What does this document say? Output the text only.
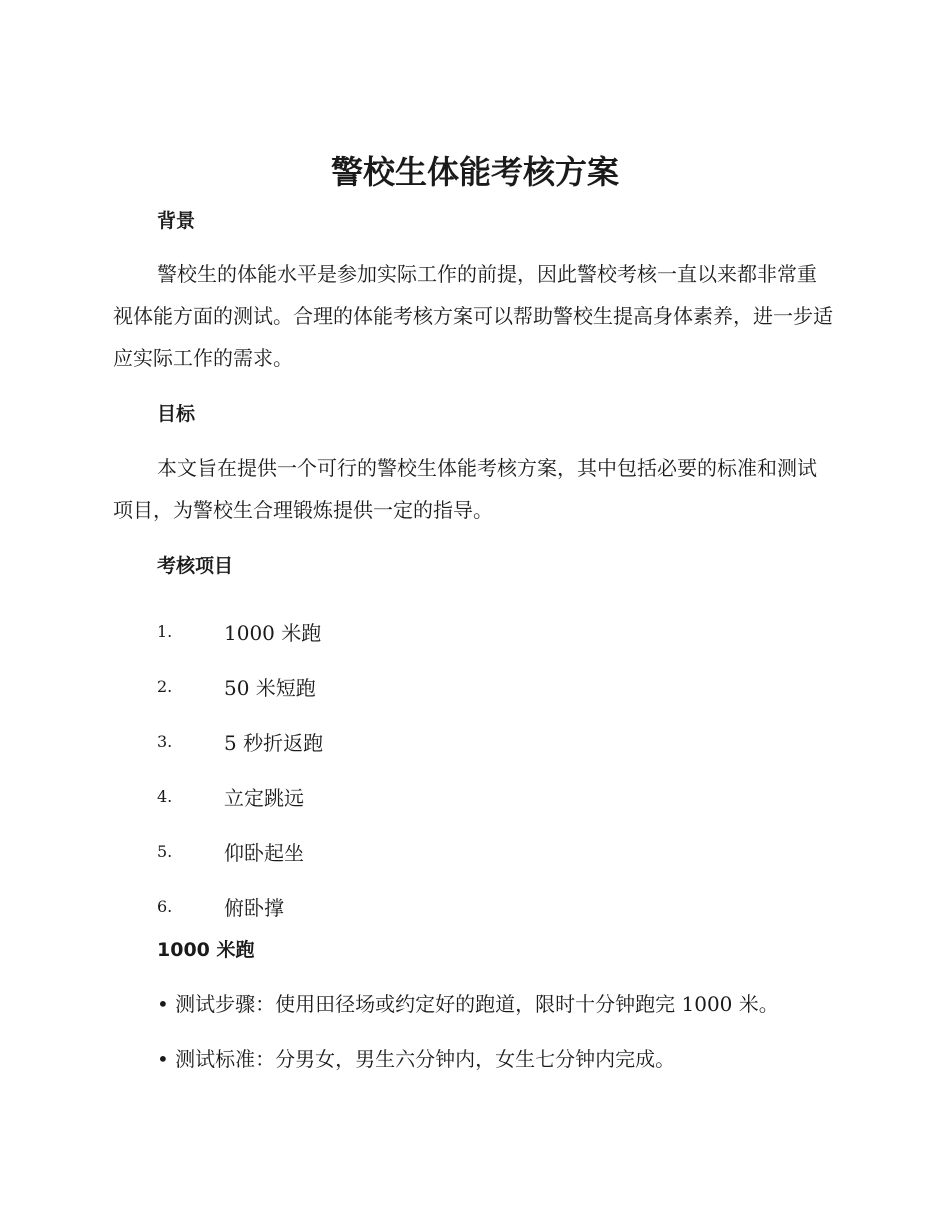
警校生体能考核方案
背景

警校生的体能水平是参加实际工作的前提，因此警校考核一直以来都非常重视体能方面的测试。合理的体能考核方案可以帮助警校生提高身体素养，进一步适应实际工作的需求。

目标

本文旨在提供一个可行的警校生体能考核方案，其中包括必要的标准和测试项目，为警校生合理锻炼提供一定的指导。

考核项目
1.	1000 米跑
2.	50 米短跑
3.	5 秒折返跑
4.	立定跳远
5.	仰卧起坐
6.	俯卧撑
1000 米跑

• 测试步骤：使用田径场或约定好的跑道，限时十分钟跑完 1000 米。

• 测试标准：分男女，男生六分钟内，女生七分钟内完成。
